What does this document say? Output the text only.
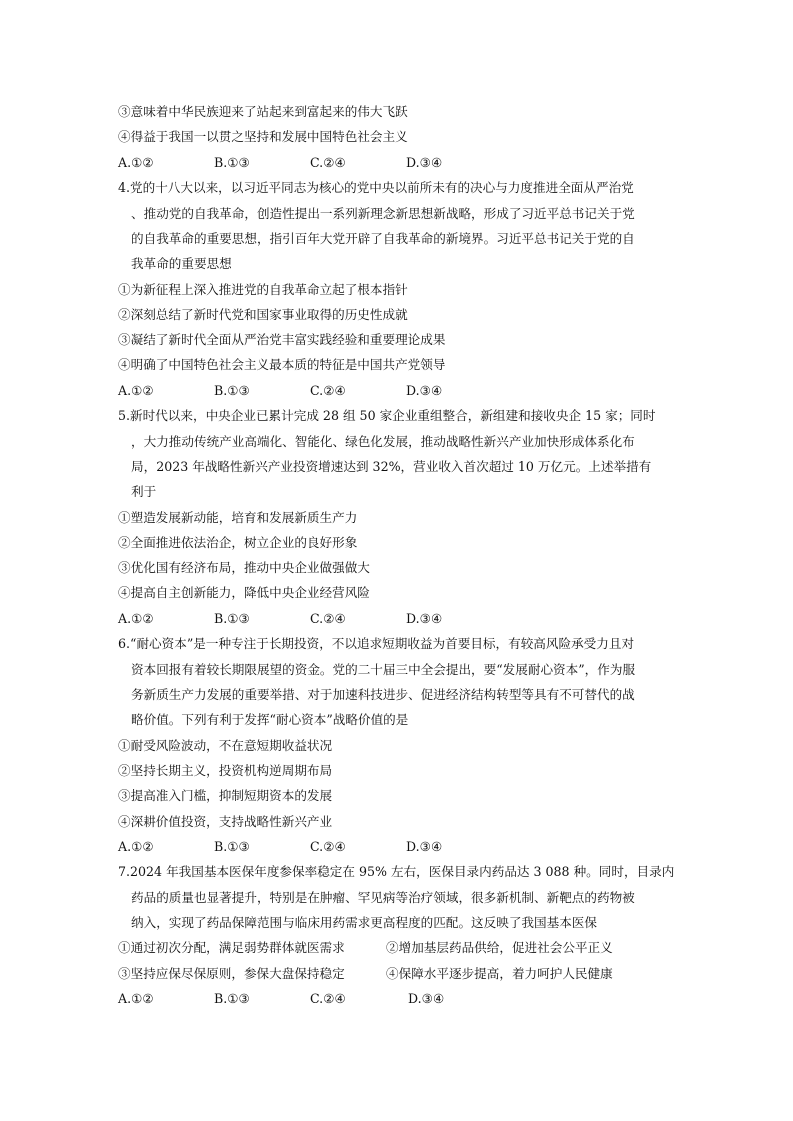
③意味着中华民族迎来了站起来到富起来的伟大飞跃
④得益于我国一以贯之坚持和发展中国特色社会主义
A.①②	B.①③	C.②④	D.③④
4.党的十八大以来，以习近平同志为核心的党中央以前所未有的决心与力度推进全面从严治党
、推动党的自我革命，创造性提出一系列新理念新思想新战略，形成了习近平总书记关于党
的自我革命的重要思想，指引百年大党开辟了自我革命的新境界。习近平总书记关于党的自
我革命的重要思想
①为新征程上深入推进党的自我革命立起了根本指针
②深刻总结了新时代党和国家事业取得的历史性成就
③凝结了新时代全面从严治党丰富实践经验和重要理论成果
④明确了中国特色社会主义最本质的特征是中国共产党领导
A.①②	B.①③	C.②④	D.③④
5.新时代以来，中央企业已累计完成 28 组 50 家企业重组整合，新组建和接收央企 15 家；同时
，大力推动传统产业高端化、智能化、绿色化发展，推动战略性新兴产业加快形成体系化布
局，2023 年战略性新兴产业投资增速达到 32%，营业收入首次超过 10 万亿元。上述举措有
利于
①塑造发展新动能，培育和发展新质生产力
②全面推进依法治企，树立企业的良好形象
③优化国有经济布局，推动中央企业做强做大
④提高自主创新能力，降低中央企业经营风险
A.①②	B.①③	C.②④	D.③④
6.“耐心资本”是一种专注于长期投资，不以追求短期收益为首要目标，有较高风险承受力且对
资本回报有着较长期限展望的资金。党的二十届三中全会提出，要“发展耐心资本”，作为服
务新质生产力发展的重要举措、对于加速科技进步、促进经济结构转型等具有不可替代的战
略价值。下列有利于发挥“耐心资本”战略价值的是
①耐受风险波动，不在意短期收益状况
②坚持长期主义，投资机构逆周期布局
③提高准入门槛，抑制短期资本的发展
④深耕价值投资，支持战略性新兴产业
A.①②	B.①③	C.②④	D.③④
7.2024 年我国基本医保年度参保率稳定在 95% 左右，医保目录内药品达 3 088 种。同时，目录内
药品的质量也显著提升，特别是在肿瘤、罕见病等治疗领域，很多新机制、新靶点的药物被
纳入，实现了药品保障范围与临床用药需求更高程度的匹配。这反映了我国基本医保
①通过初次分配，满足弱势群体就医需求	②增加基层药品供给，促进社会公平正义
③坚持应保尽保原则，参保大盘保持稳定	④保障水平逐步提高，着力呵护人民健康
A.①②	B.①③	C.②④	D.③④
